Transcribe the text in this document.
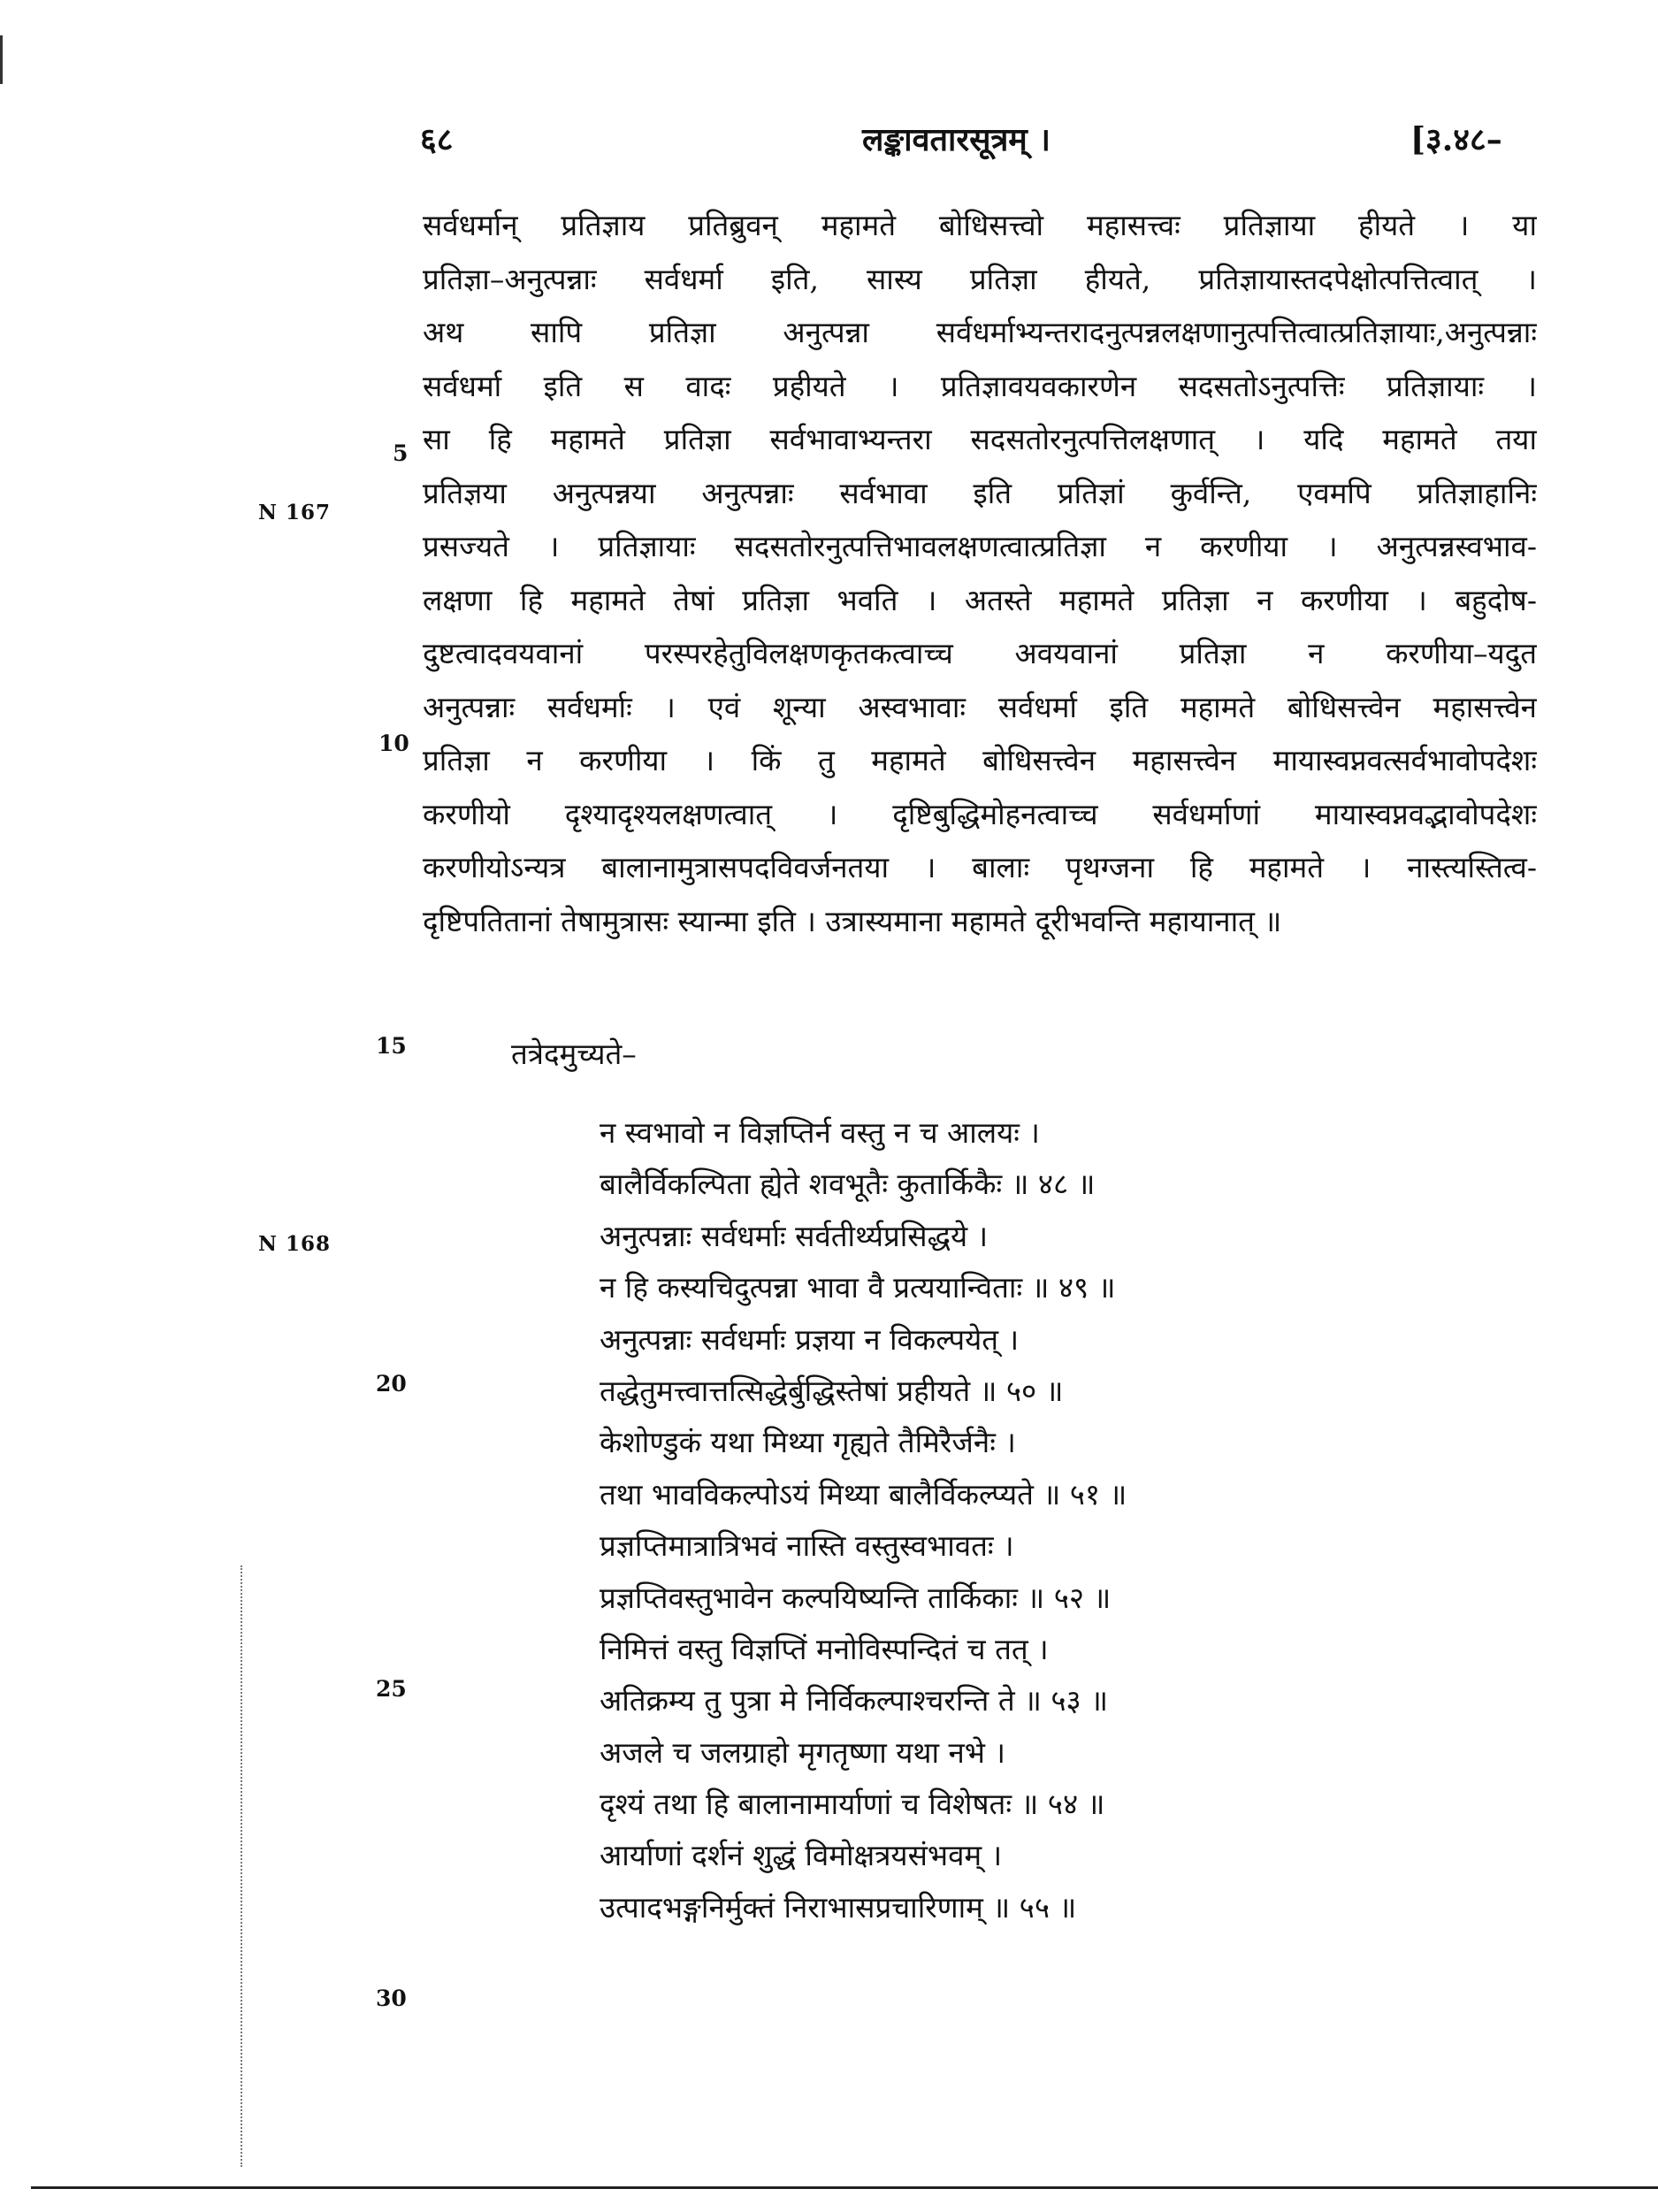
६८	लङ्कावतारसूत्रम् ।	[३.४८–
सर्वधर्मान् प्रतिज्ञाय प्रतिब्रुवन् महामते बोधिसत्त्वो महासत्त्वः प्रतिज्ञाया हीयते । या
प्रतिज्ञा–अनुत्पन्नाः सर्वधर्मा इति, सास्य प्रतिज्ञा हीयते, प्रतिज्ञायास्तदपेक्षोत्पत्तित्वात् ।
अथ सापि प्रतिज्ञा अनुत्पन्ना सर्वधर्माभ्यन्तरादनुत्पन्नलक्षणानुत्पत्तित्वात्प्रतिज्ञायाः,अनुत्पन्नाः
सर्वधर्मा इति स वादः प्रहीयते । प्रतिज्ञावयवकारणेन सदसतोऽनुत्पत्तिः प्रतिज्ञायाः ।
सा हि महामते प्रतिज्ञा सर्वभावाभ्यन्तरा सदसतोरनुत्पत्तिलक्षणात् । यदि महामते तया
प्रतिज्ञया अनुत्पन्नया अनुत्पन्नाः सर्वभावा इति प्रतिज्ञां कुर्वन्ति, एवमपि प्रतिज्ञाहानिः
प्रसज्यते । प्रतिज्ञायाः सदसतोरनुत्पत्तिभावलक्षणत्वात्प्रतिज्ञा न करणीया । अनुत्पन्नस्वभाव-
लक्षणा हि महामते तेषां प्रतिज्ञा भवति । अतस्ते महामते प्रतिज्ञा न करणीया । बहुदोष-
दुष्टत्वादवयवानां परस्परहेतुविलक्षणकृतकत्वाच्च अवयवानां प्रतिज्ञा न करणीया–यदुत
अनुत्पन्नाः सर्वधर्माः । एवं शून्या अस्वभावाः सर्वधर्मा इति महामते बोधिसत्त्वेन महासत्त्वेन
प्रतिज्ञा न करणीया । किं तु महामते बोधिसत्त्वेन महासत्त्वेन मायास्वप्नवत्सर्वभावोपदेशः
करणीयो दृश्यादृश्यलक्षणत्वात् । दृष्टिबुद्धिमोहनत्वाच्च सर्वधर्माणां मायास्वप्नवद्भावोपदेशः
करणीयोऽन्यत्र बालानामुत्रासपदविवर्जनतया । बालाः पृथग्जना हि महामते । नास्त्यस्तित्व-
दृष्टिपतितानां तेषामुत्रासः स्यान्मा इति । उत्रास्यमाना महामते दूरीभवन्ति महायानात् ॥
5
10
15
20
25
30
N 167
N 168
तत्रेदमुच्यते–
न स्वभावो न विज्ञप्तिर्न वस्तु न च आलयः ।
बालैर्विकल्पिता ह्येते शवभूतैः कुतार्किकैः ॥ ४८ ॥
अनुत्पन्नाः सर्वधर्माः सर्वतीर्थ्यप्रसिद्धये ।
न हि कस्यचिदुत्पन्ना भावा वै प्रत्ययान्विताः ॥ ४९ ॥
अनुत्पन्नाः सर्वधर्माः प्रज्ञया न विकल्पयेत् ।
तद्धेतुमत्त्वात्तत्सिद्धेर्बुद्धिस्तेषां प्रहीयते ॥ ५० ॥
केशोण्डुकं यथा मिथ्या गृह्यते तैमिरैर्जनैः ।
तथा भावविकल्पोऽयं मिथ्या बालैर्विकल्प्यते ॥ ५१ ॥
प्रज्ञप्तिमात्रात्रिभवं नास्ति वस्तुस्वभावतः ।
प्रज्ञप्तिवस्तुभावेन कल्पयिष्यन्ति तार्किकाः ॥ ५२ ॥
निमित्तं वस्तु विज्ञप्तिं मनोविस्पन्दितं च तत् ।
अतिक्रम्य तु पुत्रा मे निर्विकल्पाश्चरन्ति ते ॥ ५३ ॥
अजले च जलग्राहो मृगतृष्णा यथा नभे ।
दृश्यं तथा हि बालानामार्याणां च विशेषतः ॥ ५४ ॥
आर्याणां दर्शनं शुद्धं विमोक्षत्रयसंभवम् ।
उत्पादभङ्गनिर्मुक्तं निराभासप्रचारिणाम् ॥ ५५ ॥
